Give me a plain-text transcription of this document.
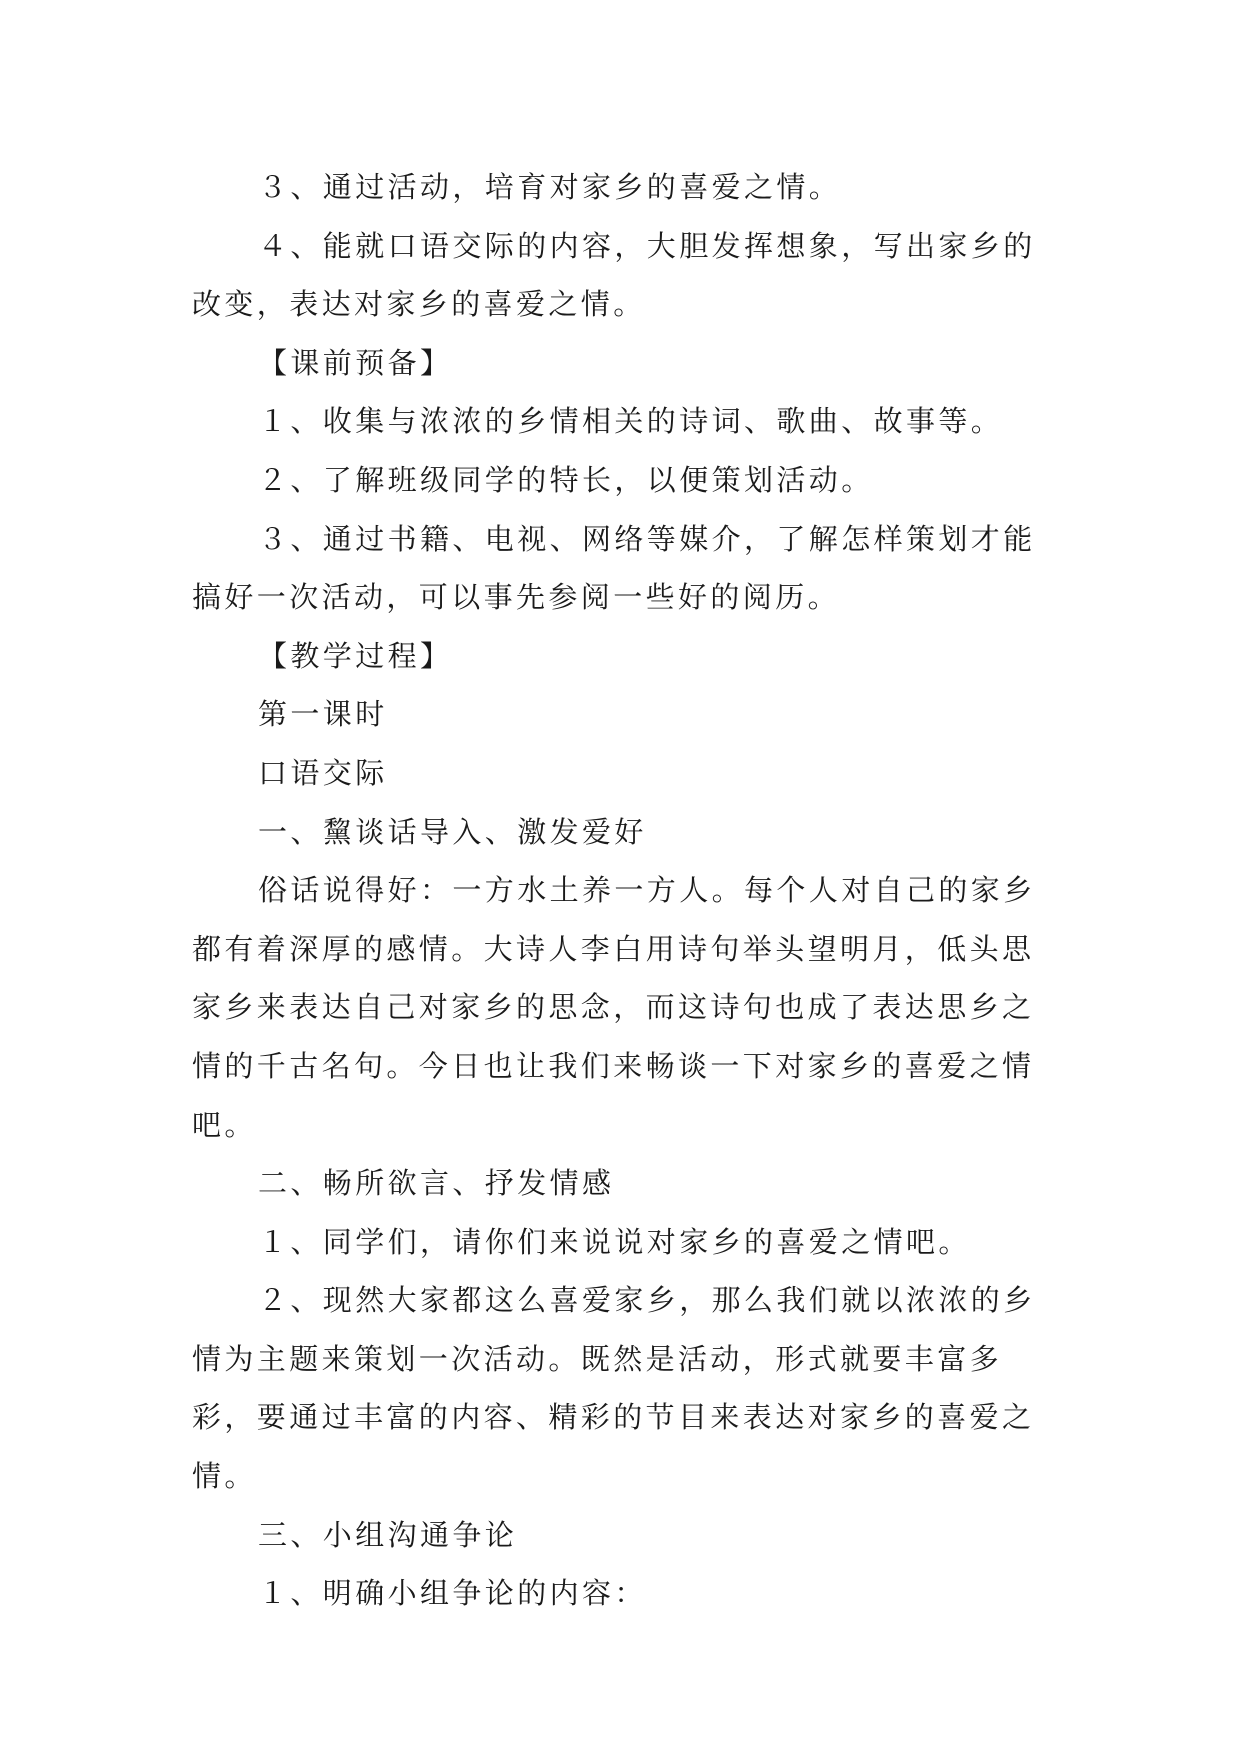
３、通过活动，培育对家乡的喜爱之情。

４、能就口语交际的内容，大胆发挥想象，写出家乡的改变，表达对家乡的喜爱之情。

【课前预备】

１、收集与浓浓的乡情相关的诗词、歌曲、故事等。

２、了解班级同学的特长，以便策划活动。

３、通过书籍、电视、网络等媒介，了解怎样策划才能搞好一次活动，可以事先参阅一些好的阅历。

【教学过程】

第一课时

口语交际

一、黧谈话导入、激发爱好

俗话说得好：一方水土养一方人。每个人对自己的家乡都有着深厚的感情。大诗人李白用诗句举头望明月，低头思家乡来表达自己对家乡的思念，而这诗句也成了表达思乡之情的千古名句。今日也让我们来畅谈一下对家乡的喜爱之情吧。

二、畅所欲言、抒发情感

１、同学们，请你们来说说对家乡的喜爱之情吧。

２、现然大家都这么喜爱家乡，那么我们就以浓浓的乡情为主题来策划一次活动。既然是活动，形式就要丰富多彩，要通过丰富的内容、精彩的节目来表达对家乡的喜爱之情。

三、小组沟通争论

１、明确小组争论的内容：
